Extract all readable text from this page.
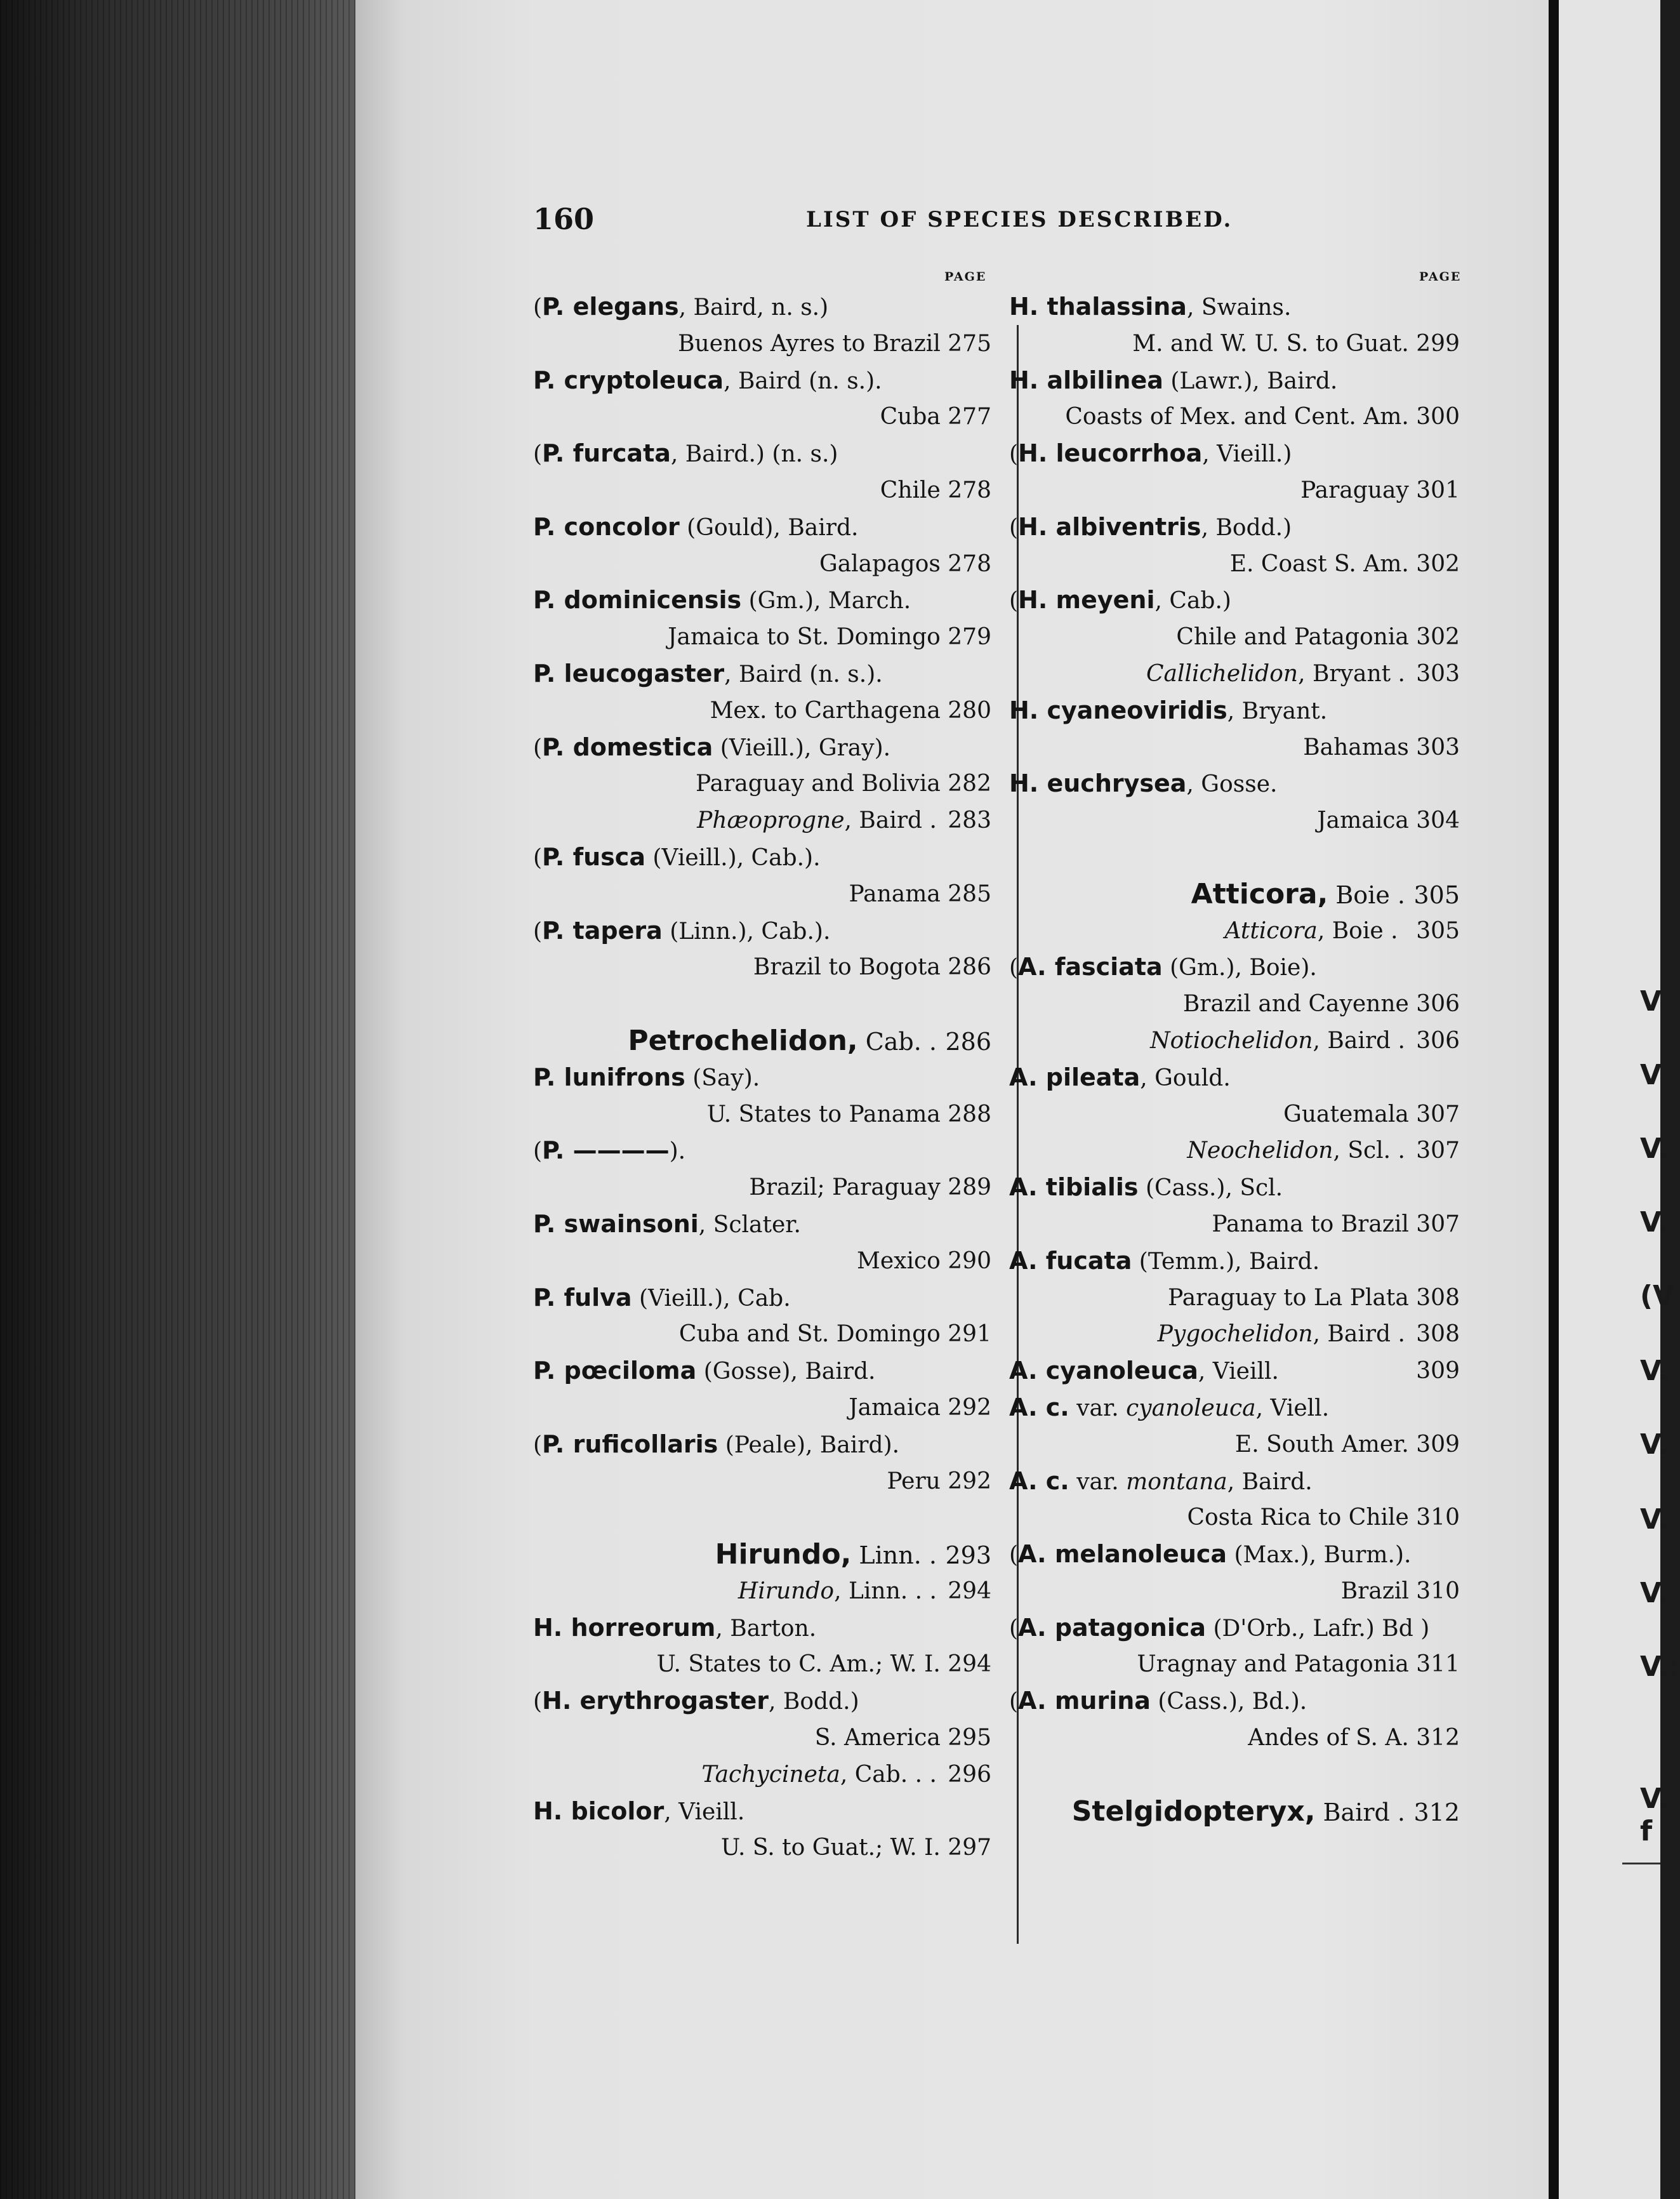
V
V
V.
V.
(V
V.
V.
V.
V.
V.:
V. f
160	LIST OF SPECIES DESCRIBED.
PAGE	PAGE
(P. elegans, Baird, n. s.)
Buenos Ayres to Brazil 275
P. cryptoleuca, Baird (n. s.).
Cuba 277
(P. furcata, Baird.) (n. s.)
Chile 278
P. concolor (Gould), Baird.
Galapagos 278
P. dominicensis (Gm.), March.
Jamaica to St. Domingo 279
P. leucogaster, Baird (n. s.).
Mex. to Carthagena 280
(P. domestica (Vieill.), Gray).
Paraguay and Bolivia 282
Phæoprogne, Baird . 283
(P. fusca (Vieill.), Cab.).
Panama 285
(P. tapera (Linn.), Cab.).
Brazil to Bogota 286
Petrochelidon, Cab. . 286
P. lunifrons (Say).
U. States to Panama 288
(P. ————).
Brazil; Paraguay 289
P. swainsoni, Sclater.
Mexico 290
P. fulva (Vieill.), Cab.
Cuba and St. Domingo 291
P. pœciloma (Gosse), Baird.
Jamaica 292
(P. ruficollaris (Peale), Baird).
Peru 292
Hirundo, Linn. . 293
Hirundo, Linn. . . 294
H. horreorum, Barton.
U. States to C. Am.; W. I. 294
(H. erythrogaster, Bodd.)
S. America 295
Tachycineta, Cab. . . 296
H. bicolor, Vieill.
U. S. to Guat.; W. I. 297
H. thalassina, Swains.
M. and W. U. S. to Guat. 299
H. albilinea (Lawr.), Baird.
Coasts of Mex. and Cent. Am. 300
(H. leucorrhoa, Vieill.)
Paraguay 301
(H. albiventris, Bodd.)
E. Coast S. Am. 302
(H. meyeni, Cab.)
Chile and Patagonia 302
Callichelidon, Bryant . 303
H. cyaneoviridis, Bryant.
Bahamas 303
H. euchrysea, Gosse.
Jamaica 304
Atticora, Boie . 305
Atticora, Boie . 305
(A. fasciata (Gm.), Boie).
Brazil and Cayenne 306
Notiochelidon, Baird . 306
A. pileata, Gould.
Guatemala 307
Neochelidon, Scl. . 307
A. tibialis (Cass.), Scl.
Panama to Brazil 307
A. fucata (Temm.), Baird.
Paraguay to La Plata 308
Pygochelidon, Baird . 308
A. cyanoleuca, Vieill.	309
A. c. var. cyanoleuca, Viell.
E. South Amer. 309
A. c. var. montana, Baird.
Costa Rica to Chile 310
(A. melanoleuca (Max.), Burm.).
Brazil 310
(A. patagonica (D'Orb., Lafr.) Bd )
Uragnay and Patagonia 311
(A. murina (Cass.), Bd.).
Andes of S. A. 312
Stelgidopteryx, Baird . 312
